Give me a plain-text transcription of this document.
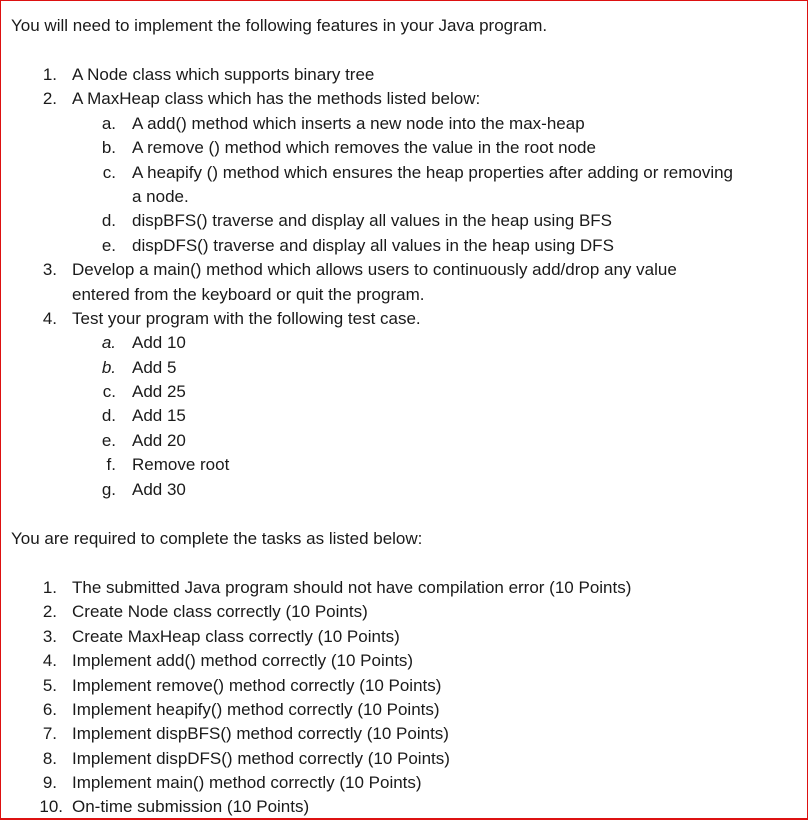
You will need to implement the following features in your Java program.
1. A Node class which supports binary tree
2. A MaxHeap class which has the methods listed below:
a. A add() method which inserts a new node into the max-heap
b. A remove () method which removes the value in the root node
c. A heapify () method which ensures the heap properties after adding or removing
a node.
d. dispBFS() traverse and display all values in the heap using BFS
e. dispDFS() traverse and display all values in the heap using DFS
3. Develop a main() method which allows users to continuously add/drop any value
entered from the keyboard or quit the program.
4. Test your program with the following test case.
a. Add 10
b. Add 5
c. Add 25
d. Add 15
e. Add 20
f. Remove root
g. Add 30
You are required to complete the tasks as listed below:
1. The submitted Java program should not have compilation error (10 Points)
2. Create Node class correctly (10 Points)
3. Create MaxHeap class correctly (10 Points)
4. Implement add() method correctly (10 Points)
5. Implement remove() method correctly (10 Points)
6. Implement heapify() method correctly (10 Points)
7. Implement dispBFS() method correctly (10 Points)
8. Implement dispDFS() method correctly (10 Points)
9. Implement main() method correctly (10 Points)
10. On-time submission (10 Points)
